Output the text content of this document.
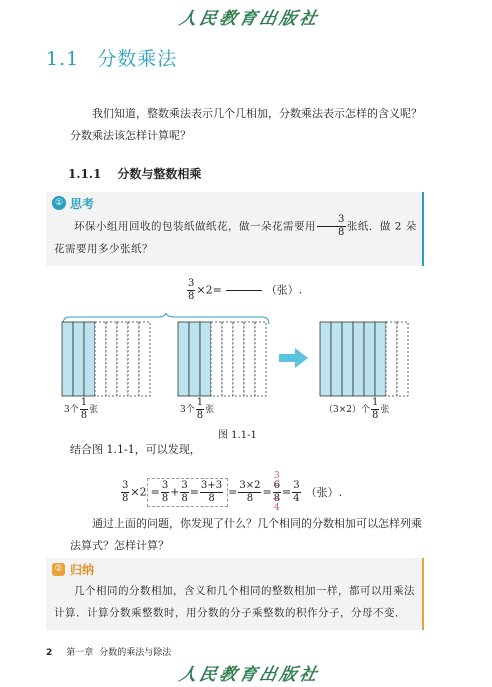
人民教育出版社
1.1 分数乘法
我们知道，整数乘法表示几个几相加，分数乘法表示怎样的含义呢？分数乘法该怎样计算呢？
1.1.1 分数与整数相乘
① 思考
环保小组用回收的包装纸做纸花，做一朵花需要用 $\frac{3}{8}$ 张纸．做 2 朵花需要用多少张纸？
$\frac{3}{8} \times 2=$	（张）.
3个 $\frac{1}{8}$ 张	3个 $\frac{1}{8}$ 张	（3×2）个 $\frac{1}{8}$ 张
图 1.1-1
结合图 1.1-1，可以发现，
$\frac{3}{8} \times 2 = \frac{3}{8} + \frac{3}{8} = \frac{3+3}{8} = \frac{3\times 2}{8}$ =
3
$\frac{6}{8}$
4
= $\frac{3}{4}$ （张）.
通过上面的问题，你发现了什么？几个相同的分数相加可以怎样列乘法算式？怎样计算？
② 归纳
几个相同的分数相加，含义和几个相同的整数相加一样，都可以用乘法计算．计算分数乘整数时，用分数的分子乘整数的积作分子，分母不变．
2 第一章 分数的乘法与除法
人民教育出版社
